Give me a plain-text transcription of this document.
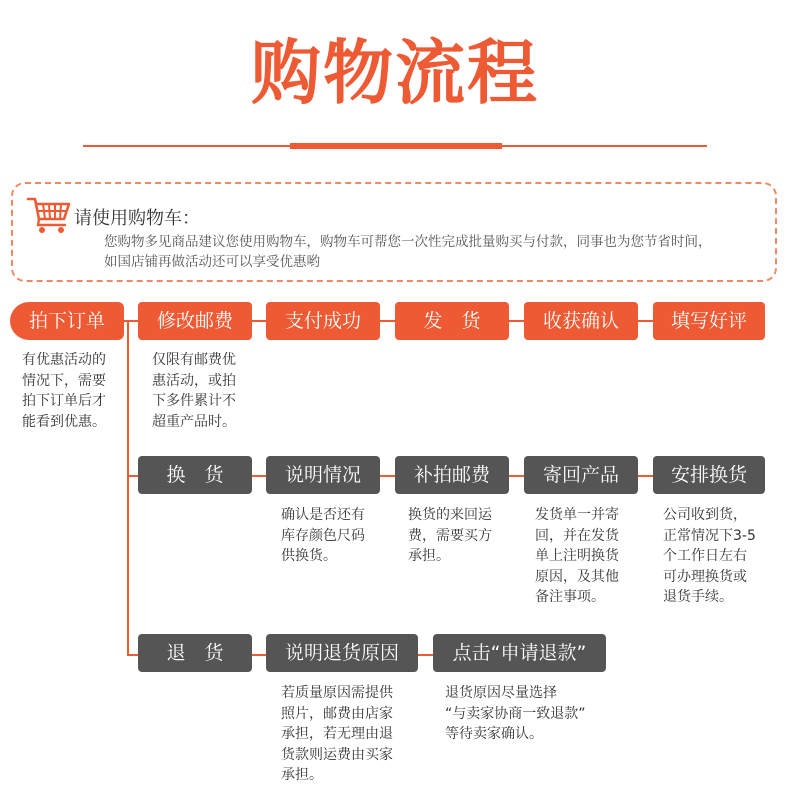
购物流程
请使用购物车：
您购物多见商品建议您使用购物车，购物车可帮您一次性完成批量购买与付款，同事也为您节省时间，
如国店铺再做活动还可以享受优惠哟
拍下订单	修改邮费	支付成功	发　货	收获确认	填写好评
有优惠活动的
情况下，需要
拍下订单后才
能看到优惠。
仅限有邮费优
惠活动，或拍
下多件累计不
超重产品时。
换　货	说明情况	补拍邮费	寄回产品	安排换货
确认是否还有
库存颜色尺码
供换货。
换货的来回运
费，需要买方
承担。
发货单一并寄
回，并在发货
单上注明换货
原因，及其他
备注事项。
公司收到货，
正常情况下3-5
个工作日左右
可办理换货或
退货手续。
退　货	说明退货原因	点击“申请退款”
若质量原因需提供
照片，邮费由店家
承担，若无理由退
货款则运费由买家
承担。
退货原因尽量选择
“与卖家协商一致退款”
等待卖家确认。
